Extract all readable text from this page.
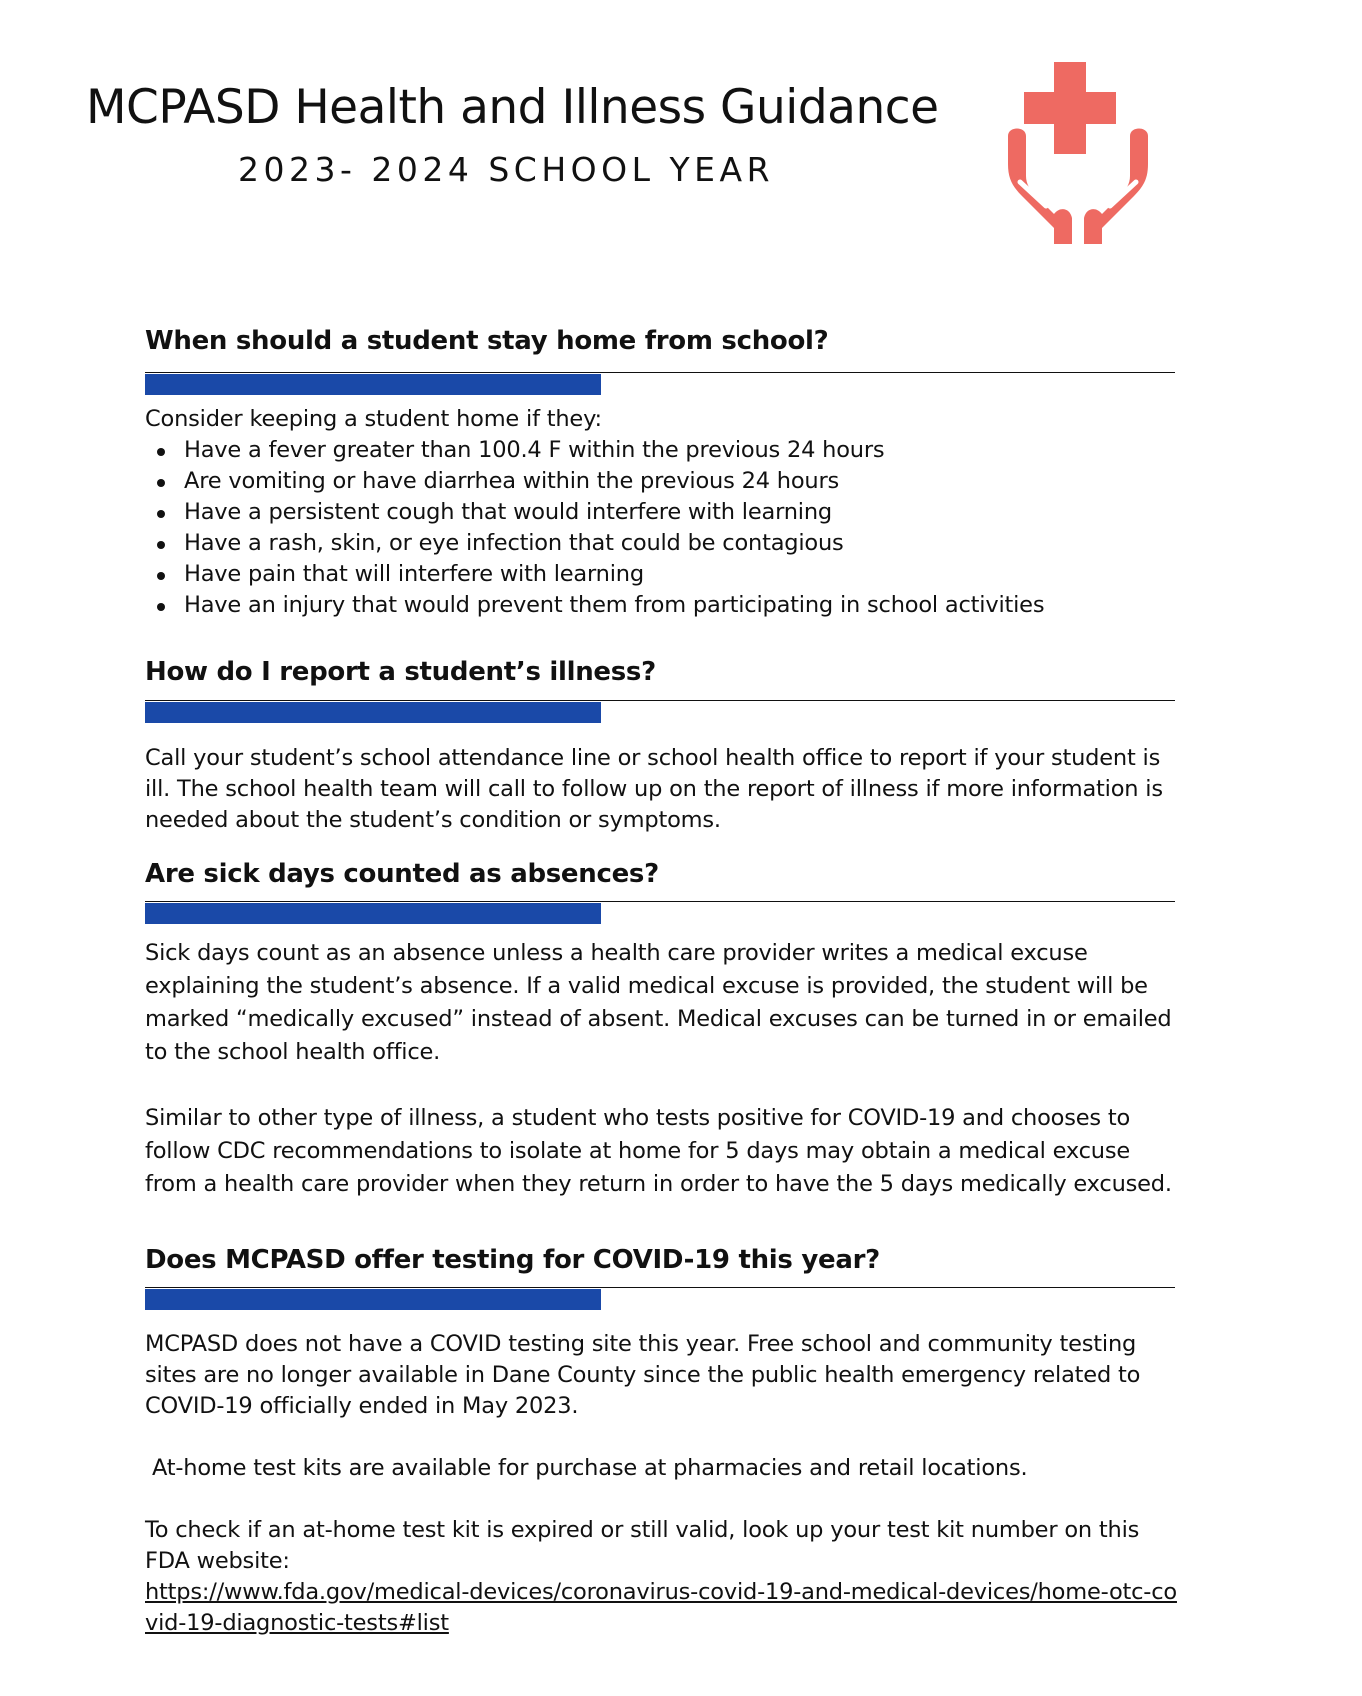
MCPASD Health and Illness Guidance
2023- 2024 SCHOOL YEAR
When should a student stay home from school?

Consider keeping a student home if they:

Have a fever greater than 100.4 F within the previous 24 hours
Are vomiting or have diarrhea within the previous 24 hours
Have a persistent cough that would interfere with learning
Have a rash, skin, or eye infection that could be contagious
Have pain that will interfere with learning
Have an injury that would prevent them from participating in school activities
How do I report a student’s illness?

Call your student’s school attendance line or school health office to report if your student is ill. The school health team will call to follow up on the report of illness if more information is needed about the student’s condition or symptoms.

Are sick days counted as absences?

Sick days count as an absence unless a health care provider writes a medical excuse explaining the student’s absence. If a valid medical excuse is provided, the student will be marked “medically excused” instead of absent. Medical excuses can be turned in or emailed to the school health office.

Similar to other type of illness, a student who tests positive for COVID-19 and chooses to follow CDC recommendations to isolate at home for 5 days may obtain a medical excuse from a health care provider when they return in order to have the 5 days medically excused.

Does MCPASD offer testing for COVID-19 this year?

MCPASD does not have a COVID testing site this year. Free school and community testing sites are no longer available in Dane County since the public health emergency related to COVID-19 officially ended in May 2023.

At-home test kits are available for purchase at pharmacies and retail locations.

To check if an at-home test kit is expired or still valid, look up your test kit number on this FDA website:

https://www.fda.gov/medical-devices/coronavirus-covid-19-and-medical-devices/home-otc-covid-19-diagnostic-tests#list
